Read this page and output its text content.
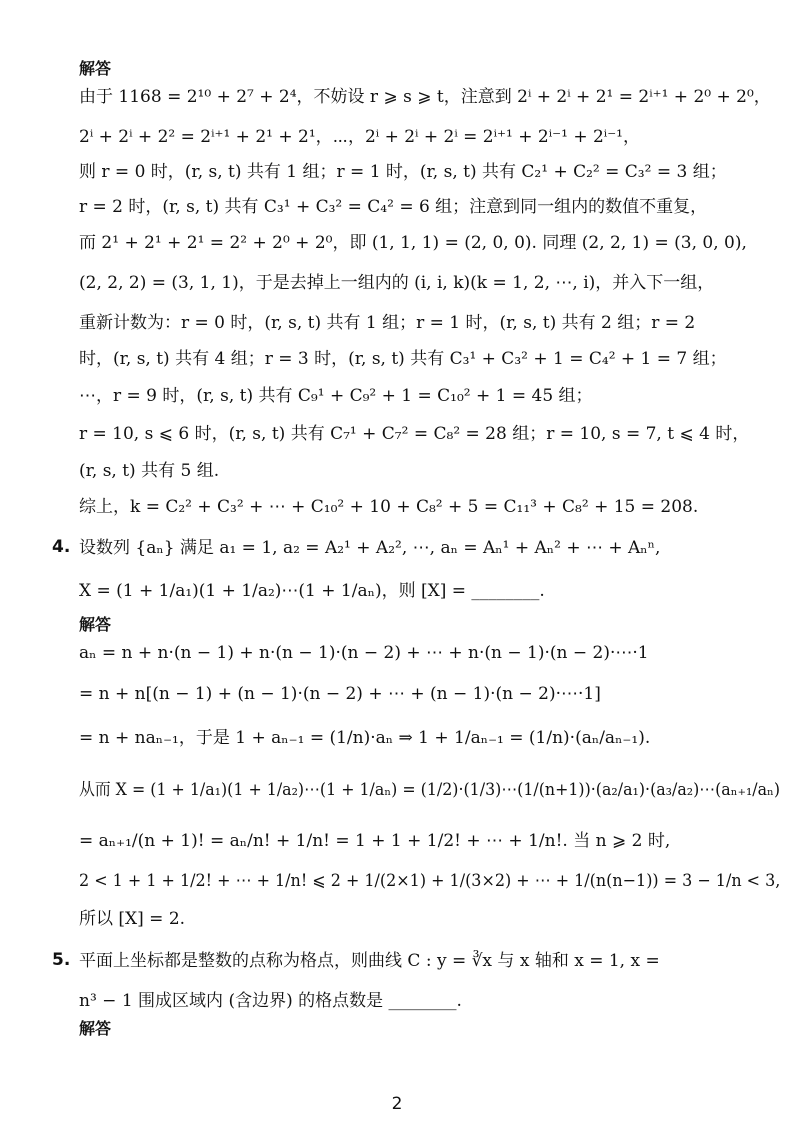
解答
由于 1168 = 2¹⁰ + 2⁷ + 2⁴，不妨设 r ⩾ s ⩾ t，注意到 2ⁱ + 2ⁱ + 2¹ = 2ⁱ⁺¹ + 2⁰ + 2⁰，
2ⁱ + 2ⁱ + 2² = 2ⁱ⁺¹ + 2¹ + 2¹，⋯，2ⁱ + 2ⁱ + 2ⁱ = 2ⁱ⁺¹ + 2ⁱ⁻¹ + 2ⁱ⁻¹，
则 r = 0 时，(r, s, t) 共有 1 组；r = 1 时，(r, s, t) 共有 C₂¹ + C₂² = C₃² = 3 组；
r = 2 时，(r, s, t) 共有 C₃¹ + C₃² = C₄² = 6 组；注意到同一组内的数值不重复，
而 2¹ + 2¹ + 2¹ = 2² + 2⁰ + 2⁰，即 (1, 1, 1) = (2, 0, 0). 同理 (2, 2, 1) = (3, 0, 0),
(2, 2, 2) = (3, 1, 1)，于是去掉上一组内的 (i, i, k)(k = 1, 2, ⋯, i)，并入下一组，
重新计数为：r = 0 时，(r, s, t) 共有 1 组；r = 1 时，(r, s, t) 共有 2 组；r = 2
时，(r, s, t) 共有 4 组；r = 3 时，(r, s, t) 共有 C₃¹ + C₃² + 1 = C₄² + 1 = 7 组；
⋯，r = 9 时，(r, s, t) 共有 C₉¹ + C₉² + 1 = C₁₀² + 1 = 45 组；
r = 10, s ⩽ 6 时，(r, s, t) 共有 C₇¹ + C₇² = C₈² = 28 组；r = 10, s = 7, t ⩽ 4 时，
(r, s, t) 共有 5 组.
综上，k = C₂² + C₃² + ⋯ + C₁₀² + 10 + C₈² + 5 = C₁₁³ + C₈² + 15 = 208.
4. 设数列 {aₙ} 满足 a₁ = 1, a₂ = A₂¹ + A₂², ⋯, aₙ = Aₙ¹ + Aₙ² + ⋯ + Aₙⁿ,
X = (1 + 1/a₁)(1 + 1/a₂)⋯(1 + 1/aₙ)，则 [X] = ________.
解答
aₙ = n + n·(n − 1) + n·(n − 1)·(n − 2) + ⋯ + n·(n − 1)·(n − 2)·⋯·1
= n + n[(n − 1) + (n − 1)·(n − 2) + ⋯ + (n − 1)·(n − 2)·⋯·1]
= n + naₙ₋₁，于是 1 + aₙ₋₁ = (1/n)·aₙ ⇒ 1 + 1/aₙ₋₁ = (1/n)·(aₙ/aₙ₋₁).
从而 X = (1 + 1/a₁)(1 + 1/a₂)⋯(1 + 1/aₙ) = (1/2)·(1/3)⋯(1/(n+1))·(a₂/a₁)·(a₃/a₂)⋯(aₙ₊₁/aₙ)
= aₙ₊₁/(n + 1)! = aₙ/n! + 1/n! = 1 + 1 + 1/2! + ⋯ + 1/n!. 当 n ⩾ 2 时,
2 < 1 + 1 + 1/2! + ⋯ + 1/n! ⩽ 2 + 1/(2×1) + 1/(3×2) + ⋯ + 1/(n(n−1)) = 3 − 1/n < 3,
所以 [X] = 2.
5. 平面上坐标都是整数的点称为格点，则曲线 C : y = ∛x 与 x 轴和 x = 1, x =
n³ − 1 围成区域内 (含边界) 的格点数是 ________.
解答
2
